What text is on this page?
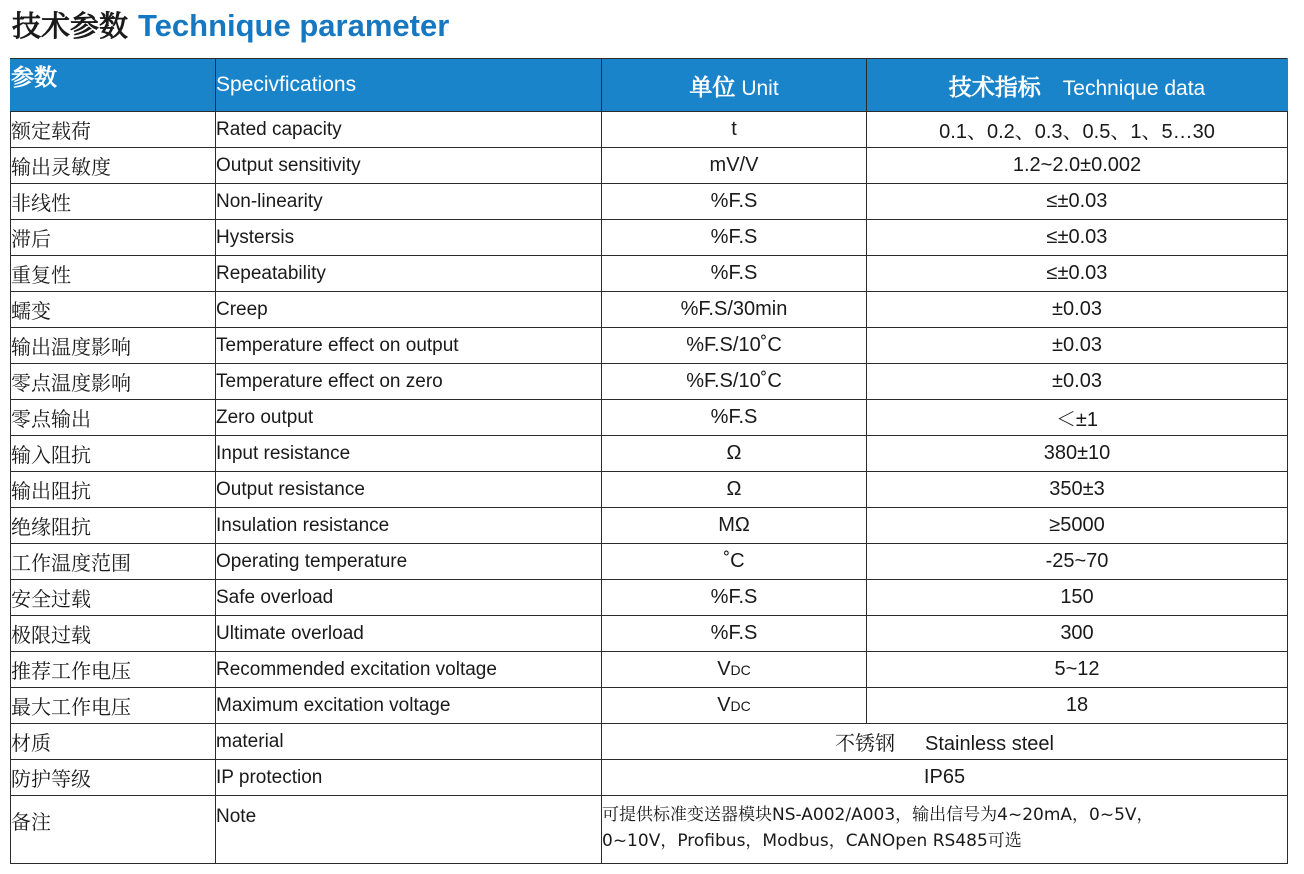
技术参数 Technique parameter
参数	Specivfications	单位 Unit	技术指标 Technique data
额定载荷	Rated capacity	t	0.1、0.2、0.3、0.5、1、5…30
输出灵敏度	Output sensitivity	mV/V	1.2~2.0±0.002
非线性	Non-linearity	%F.S	≤±0.03
滞后	Hystersis	%F.S	≤±0.03
重复性	Repeatability	%F.S	≤±0.03
蠕变	Creep	%F.S/30min	±0.03
输出温度影响	Temperature effect on output	%F.S/10˚C	±0.03
零点温度影响	Temperature effect on zero	%F.S/10˚C	±0.03
零点输出	Zero output	%F.S	＜±1
输入阻抗	Input resistance	Ω	380±10
输出阻抗	Output resistance	Ω	350±3
绝缘阻抗	Insulation resistance	MΩ	≥5000
工作温度范围	Operating temperature	˚C	-25~70
安全过载	Safe overload	%F.S	150
极限过载	Ultimate overload	%F.S	300
推荐工作电压	Recommended excitation voltage	VDC	5~12
最大工作电压	Maximum excitation voltage	VDC	18
材质	material	不锈钢 Stainless steel	
防护等级	IP protection	IP65	
备注	Note	可提供标准变送器模块NS-A002/A003，输出信号为4~20mA，0~5V，
0~10V，Profibus，Modbus，CANOpen RS485可选	
